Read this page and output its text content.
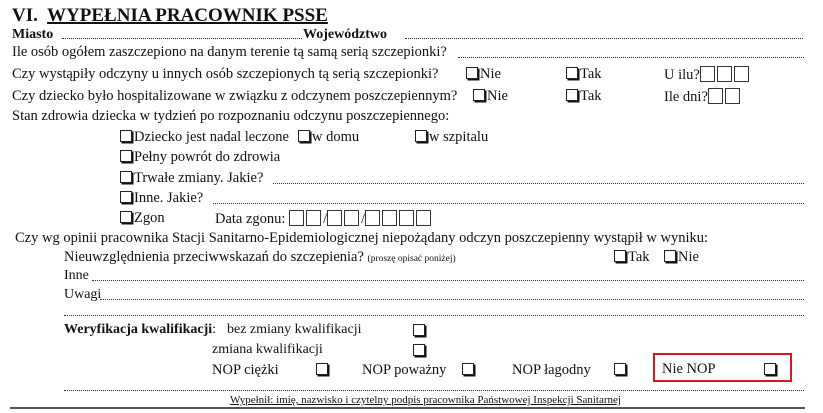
VI. WYPEŁNIA PRACOWNIK PSSE
Miasto	Województwo
Ile osób ogółem zaszczepiono na danym terenie tą samą serią szczepionki?
Czy wystąpiły odczyny u innych osób szczepionych tą serią szczepionki?	Nie	Tak	U ilu?
Czy dziecko było hospitalizowane w związku z odczynem poszczepiennym?	Nie	Tak	Ile dni?
Stan zdrowia dziecka w tydzień po rozpoznaniu odczynu poszczepiennego:
Dziecko jest nadal leczone	w domu	w szpitalu
Pełny powrót do zdrowia
Trwałe zmiany. Jakie?
Inne. Jakie?
Zgon	Data zgonu:	/ /
Czy wg opinii pracownika Stacji Sanitarno-Epidemiologicznej niepożądany odczyn poszczepienny wystąpił w wyniku:
Nieuwzględnienia przeciwwskazań do szczepienia? (proszę opisać poniżej)	Tak	Nie
Inne
Uwagi
Weryfikacja kwalifikacji: bez zmiany kwalifikacji
zmiana kwalifikacji
NOP ciężki	NOP poważny	NOP łagodny	Nie NOP
Wypełnił: imię, nazwisko i czytelny podpis pracownika Państwowej Inspekcji Sanitarnej
